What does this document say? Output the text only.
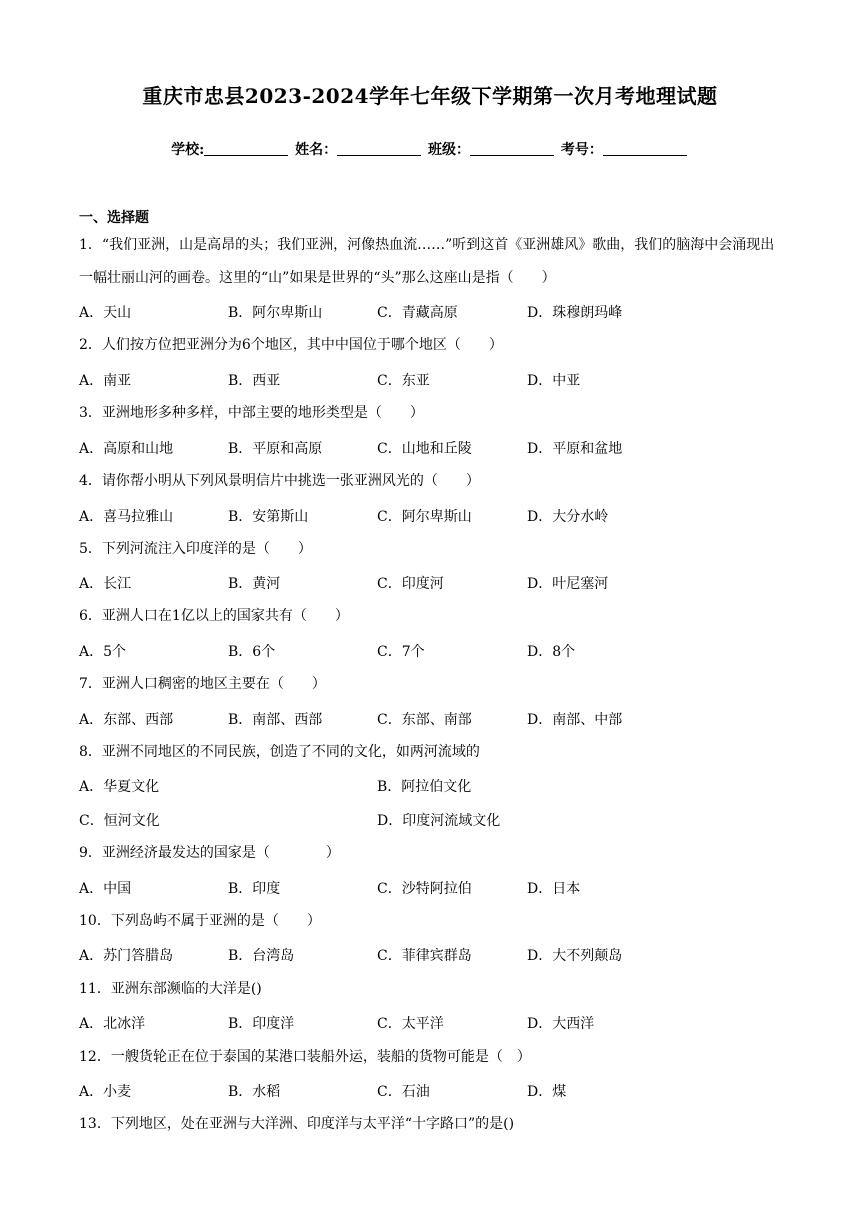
重庆市忠县2023-2024学年七年级下学期第一次月考地理试题
学校:	姓名：	班级：	考号：
一、选择题
1．“我们亚洲，山是高昂的头；我们亚洲，河像热血流……”听到这首《亚洲雄风》歌曲，我们的脑海中会涌现出一幅壮丽山河的画卷。这里的“山”如果是世界的“头”那么这座山是指（　　）
A．天山	B．阿尔卑斯山	C．青藏高原	D．珠穆朗玛峰
2．人们按方位把亚洲分为6个地区，其中中国位于哪个地区（　　）
A．南亚	B．西亚	C．东亚	D．中亚
3．亚洲地形多种多样，中部主要的地形类型是（　　）
A．高原和山地	B．平原和高原	C．山地和丘陵	D．平原和盆地
4．请你帮小明从下列风景明信片中挑选一张亚洲风光的（　　）
A．喜马拉雅山	B．安第斯山	C．阿尔卑斯山	D．大分水岭
5．下列河流注入印度洋的是（　　）
A．长江	B．黄河	C．印度河	D．叶尼塞河
6．亚洲人口在1亿以上的国家共有（　　）
A．5个	B．6个	C．7个	D．8个
7．亚洲人口稠密的地区主要在（　　）
A．东部、西部	B．南部、西部	C．东部、南部	D．南部、中部
8．亚洲不同地区的不同民族，创造了不同的文化，如两河流域的
A．华夏文化	B．阿拉伯文化
C．恒河文化	D．印度河流域文化
9．亚洲经济最发达的国家是（　　　　）
A．中国	B．印度	C．沙特阿拉伯	D．日本
10．下列岛屿不属于亚洲的是（　　）
A．苏门答腊岛	B．台湾岛	C．菲律宾群岛	D．大不列颠岛
11．亚洲东部濒临的大洋是()
A．北冰洋	B．印度洋	C．太平洋	D．大西洋
12．一艘货轮正在位于泰国的某港口装船外运，装船的货物可能是（　）
A．小麦	B．水稻	C．石油	D．煤
13．下列地区，处在亚洲与大洋洲、印度洋与太平洋“十字路口”的是()
